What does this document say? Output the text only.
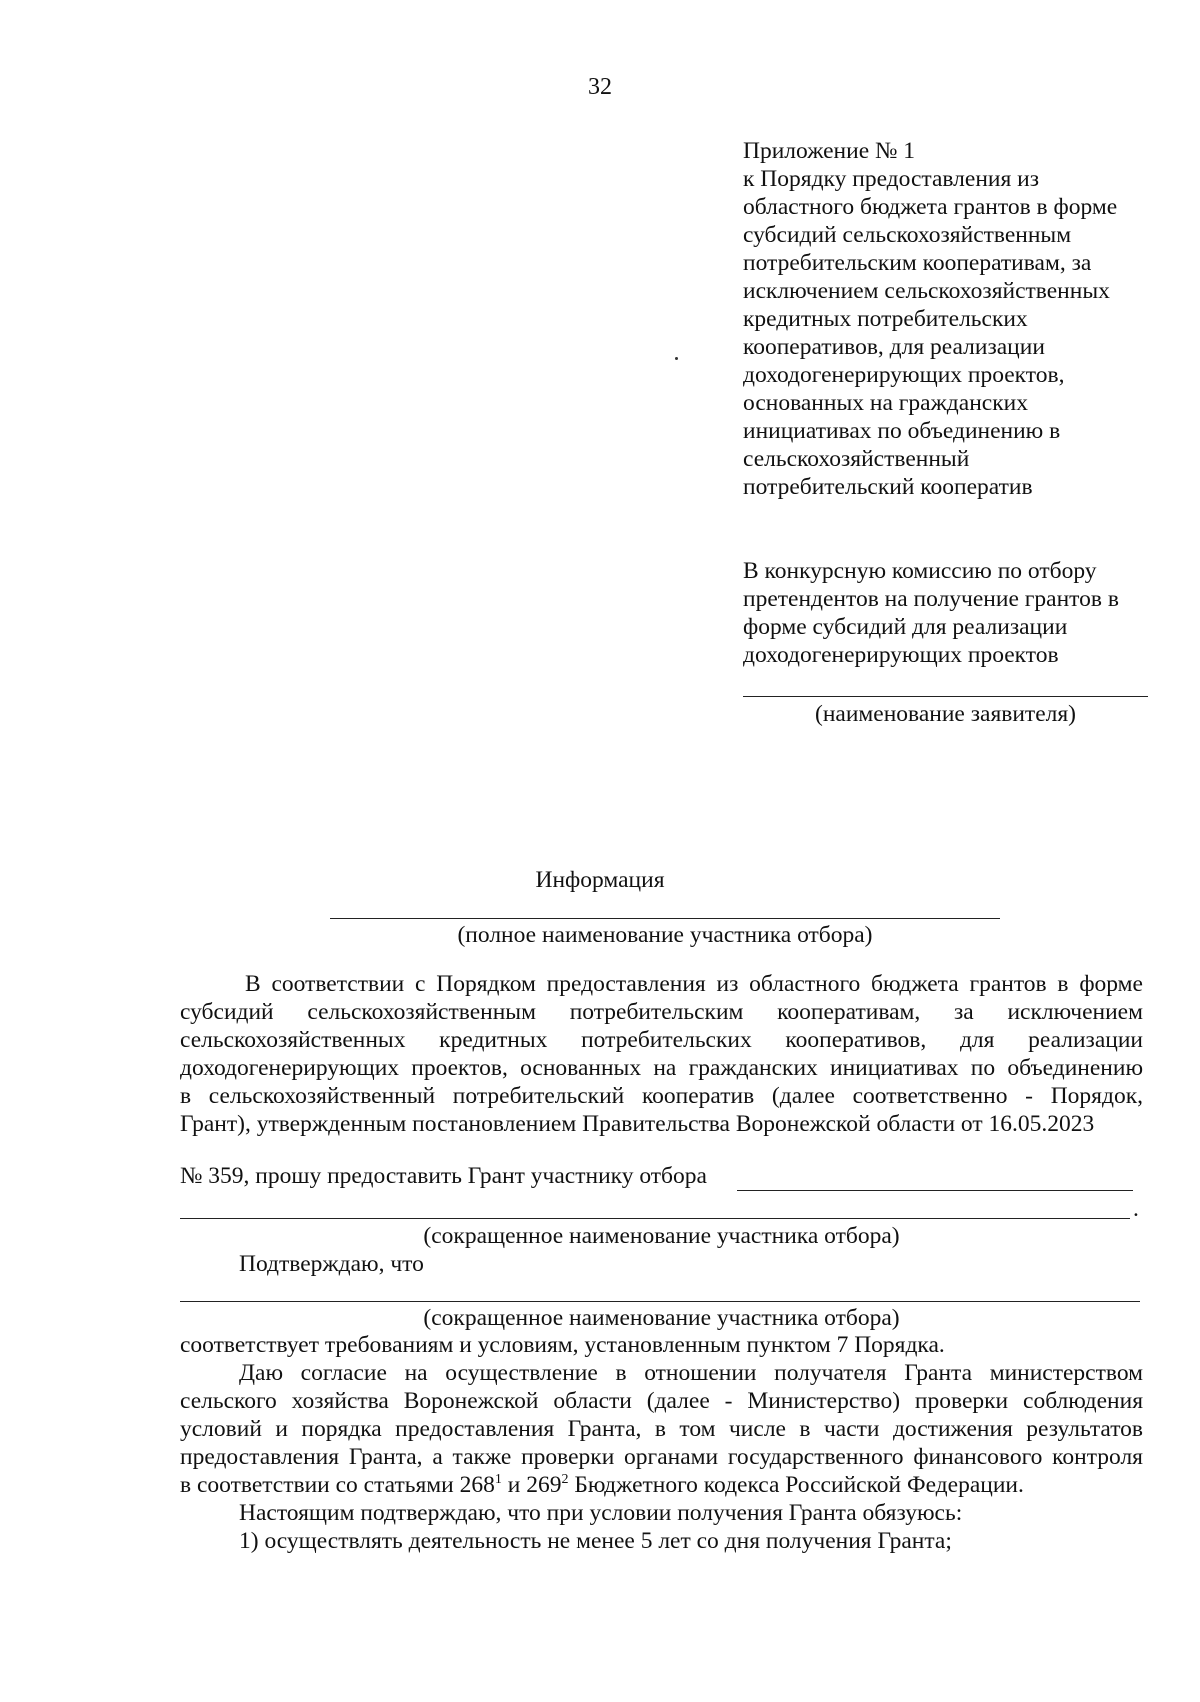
32
Приложение № 1
к Порядку предоставления из
областного бюджета грантов в форме
субсидий сельскохозяйственным
потребительским кооперативам, за
исключением сельскохозяйственных
кредитных потребительских
кооперативов, для реализации
доходогенерирующих проектов,
основанных на гражданских
инициативах по объединению в
сельскохозяйственный
потребительский кооператив
В конкурсную комиссию по отбору
претендентов на получение грантов в
форме субсидий для реализации
доходогенерирующих проектов
(наименование заявителя)
Информация
(полное наименование участника отбора)
В соответствии с Порядком предоставления из областного бюджета грантов в форме
субсидий сельскохозяйственным потребительским кооперативам, за исключением
сельскохозяйственных кредитных потребительских кооперативов, для реализации
доходогенерирующих проектов, основанных на гражданских инициативах по объединению
в сельскохозяйственный потребительский кооператив (далее соответственно - Порядок,
Грант), утвержденным постановлением Правительства Воронежской области от 16.05.2023
№ 359, прошу предоставить Грант участнику отбора
.
(сокращенное наименование участника отбора)
Подтверждаю, что
(сокращенное наименование участника отбора)
соответствует требованиям и условиям, установленным пунктом 7 Порядка.
Даю согласие на осуществление в отношении получателя Гранта министерством
сельского хозяйства Воронежской области (далее - Министерство) проверки соблюдения
условий и порядка предоставления Гранта, в том числе в части достижения результатов
предоставления Гранта, а также проверки органами государственного финансового контроля
в соответствии со статьями $268^1$ и $269^2$ Бюджетного кодекса Российской Федерации.
Настоящим подтверждаю, что при условии получения Гранта обязуюсь:
1) осуществлять деятельность не менее 5 лет со дня получения Гранта;
